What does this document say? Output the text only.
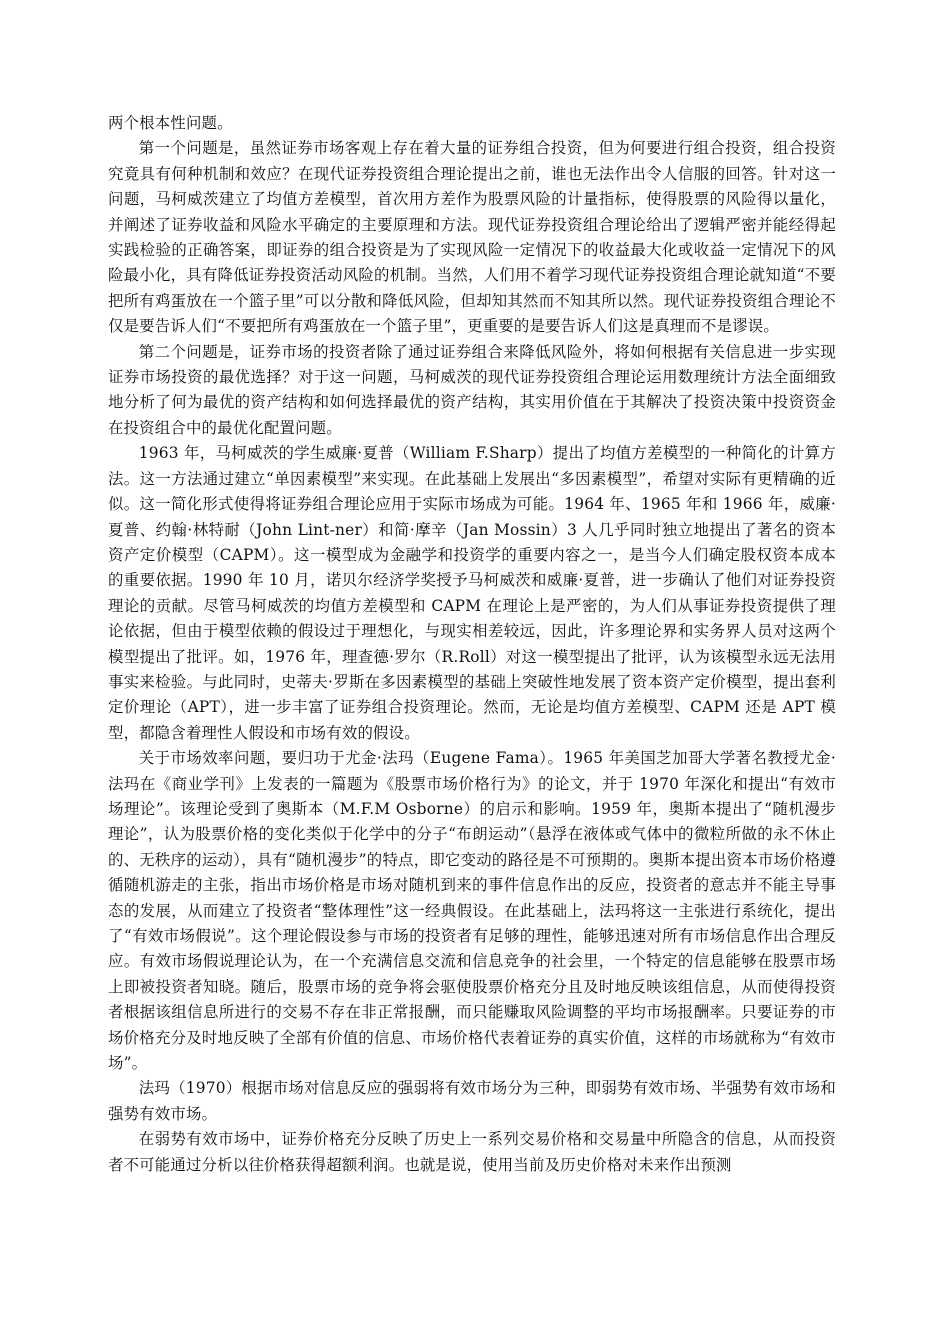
两个根本性问题。

第一个问题是，虽然证券市场客观上存在着大量的证券组合投资，但为何要进行组合投资，组合投资究竟具有何种机制和效应？在现代证券投资组合理论提出之前，谁也无法作出令人信服的回答。针对这一问题，马柯威茨建立了均值方差模型，首次用方差作为股票风险的计量指标，使得股票的风险得以量化，并阐述了证券收益和风险水平确定的主要原理和方法。现代证券投资组合理论给出了逻辑严密并能经得起实践检验的正确答案，即证券的组合投资是为了实现风险一定情况下的收益最大化或收益一定情况下的风险最小化，具有降低证券投资活动风险的机制。当然，人们用不着学习现代证券投资组合理论就知道“不要把所有鸡蛋放在一个篮子里”可以分散和降低风险，但却知其然而不知其所以然。现代证券投资组合理论不仅是要告诉人们“不要把所有鸡蛋放在一个篮子里”，更重要的是要告诉人们这是真理而不是谬误。

第二个问题是，证券市场的投资者除了通过证券组合来降低风险外，将如何根据有关信息进一步实现证券市场投资的最优选择？对于这一问题，马柯威茨的现代证券投资组合理论运用数理统计方法全面细致地分析了何为最优的资产结构和如何选择最优的资产结构，其实用价值在于其解决了投资决策中投资资金在投资组合中的最优化配置问题。

1963 年，马柯威茨的学生威廉·夏普（William F.Sharp）提出了均值方差模型的一种简化的计算方法。这一方法通过建立“单因素模型”来实现。在此基础上发展出“多因素模型”，希望对实际有更精确的近似。这一简化形式使得将证券组合理论应用于实际市场成为可能。1964 年、1965 年和 1966 年，威廉·夏普、约翰·林特耐（John Lint-ner）和简·摩辛（Jan Mossin）3 人几乎同时独立地提出了著名的资本资产定价模型（CAPM）。这一模型成为金融学和投资学的重要内容之一，是当今人们确定股权资本成本的重要依据。1990 年 10 月，诺贝尔经济学奖授予马柯威茨和威廉·夏普，进一步确认了他们对证券投资理论的贡献。尽管马柯威茨的均值方差模型和 CAPM 在理论上是严密的，为人们从事证券投资提供了理论依据，但由于模型依赖的假设过于理想化，与现实相差较远，因此，许多理论界和实务界人员对这两个模型提出了批评。如，1976 年，理查德·罗尔（R.Roll）对这一模型提出了批评，认为该模型永远无法用事实来检验。与此同时，史蒂夫·罗斯在多因素模型的基础上突破性地发展了资本资产定价模型，提出套利定价理论（APT），进一步丰富了证券组合投资理论。然而，无论是均值方差模型、CAPM 还是 APT 模型，都隐含着理性人假设和市场有效的假设。

关于市场效率问题，要归功于尤金·法玛（Eugene Fama）。1965 年美国芝加哥大学著名教授尤金·法玛在《商业学刊》上发表的一篇题为《股票市场价格行为》的论文，并于 1970 年深化和提出“有效市场理论”。该理论受到了奥斯本（M.F.M Osborne）的启示和影响。1959 年，奥斯本提出了“随机漫步理论”，认为股票价格的变化类似于化学中的分子“布朗运动”（悬浮在液体或气体中的微粒所做的永不休止的、无秩序的运动），具有“随机漫步”的特点，即它变动的路径是不可预期的。奥斯本提出资本市场价格遵循随机游走的主张，指出市场价格是市场对随机到来的事件信息作出的反应，投资者的意志并不能主导事态的发展，从而建立了投资者“整体理性”这一经典假设。在此基础上，法玛将这一主张进行系统化，提出了“有效市场假说”。这个理论假设参与市场的投资者有足够的理性，能够迅速对所有市场信息作出合理反应。有效市场假说理论认为，在一个充满信息交流和信息竞争的社会里，一个特定的信息能够在股票市场上即被投资者知晓。随后，股票市场的竞争将会驱使股票价格充分且及时地反映该组信息，从而使得投资者根据该组信息所进行的交易不存在非正常报酬，而只能赚取风险调整的平均市场报酬率。只要证券的市场价格充分及时地反映了全部有价值的信息、市场价格代表着证券的真实价值，这样的市场就称为“有效市场”。

法玛（1970）根据市场对信息反应的强弱将有效市场分为三种，即弱势有效市场、半强势有效市场和强势有效市场。

在弱势有效市场中，证券价格充分反映了历史上一系列交易价格和交易量中所隐含的信息，从而投资者不可能通过分析以往价格获得超额利润。也就是说，使用当前及历史价格对未来作出预测
